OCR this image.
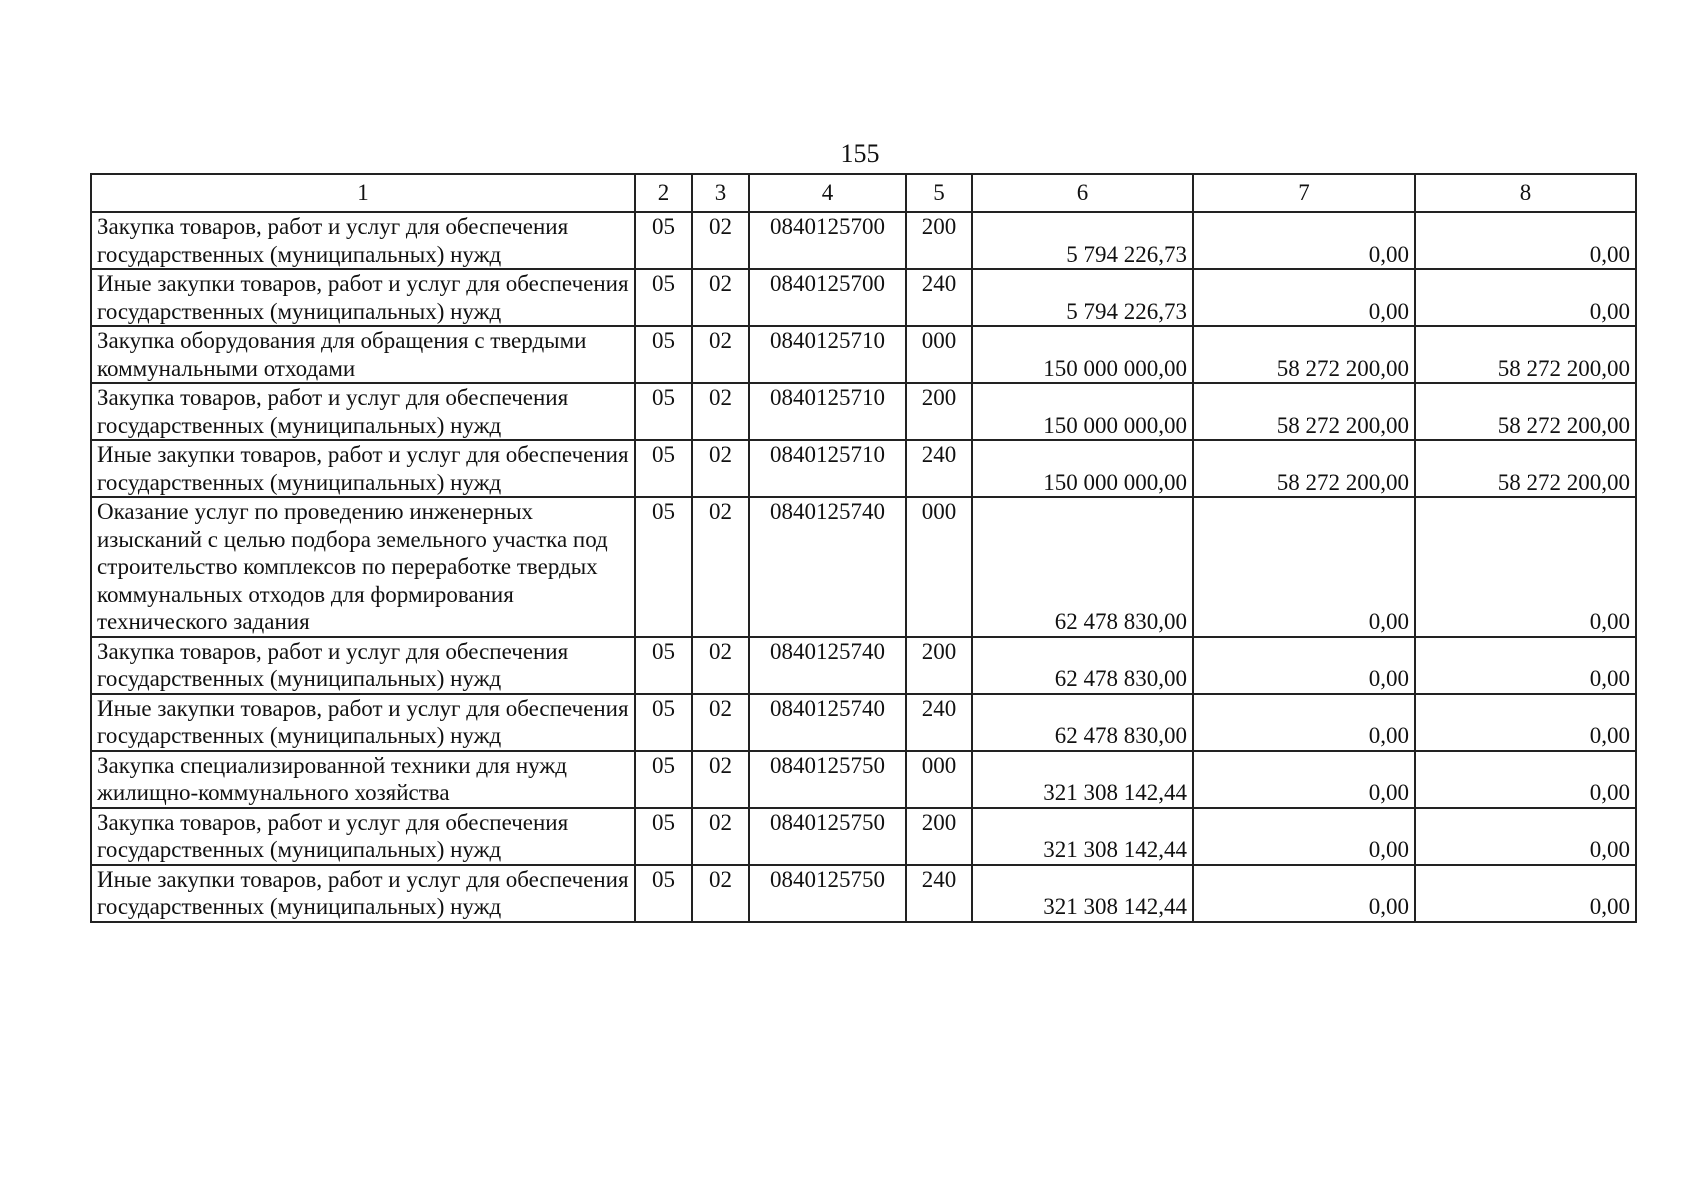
155
1	2	3	4	5	6	7	8
Закупка товаров, работ и услуг для обеспечения государственных (муниципальных) нужд	05	02	0840125700	200	5 794 226,73	0,00	0,00
Иные закупки товаров, работ и услуг для обеспечения государственных (муниципальных) нужд	05	02	0840125700	240	5 794 226,73	0,00	0,00
Закупка оборудования для обращения с твердыми коммунальными отходами	05	02	0840125710	000	150 000 000,00	58 272 200,00	58 272 200,00
Закупка товаров, работ и услуг для обеспечения государственных (муниципальных) нужд	05	02	0840125710	200	150 000 000,00	58 272 200,00	58 272 200,00
Иные закупки товаров, работ и услуг для обеспечения государственных (муниципальных) нужд	05	02	0840125710	240	150 000 000,00	58 272 200,00	58 272 200,00
Оказание услуг по проведению инженерных изысканий с целью подбора земельного участка под строительство комплексов по переработке твердых коммунальных отходов для формирования технического задания	05	02	0840125740	000	62 478 830,00	0,00	0,00
Закупка товаров, работ и услуг для обеспечения государственных (муниципальных) нужд	05	02	0840125740	200	62 478 830,00	0,00	0,00
Иные закупки товаров, работ и услуг для обеспечения государственных (муниципальных) нужд	05	02	0840125740	240	62 478 830,00	0,00	0,00
Закупка специализированной техники для нужд жилищно-коммунального хозяйства	05	02	0840125750	000	321 308 142,44	0,00	0,00
Закупка товаров, работ и услуг для обеспечения государственных (муниципальных) нужд	05	02	0840125750	200	321 308 142,44	0,00	0,00
Иные закупки товаров, работ и услуг для обеспечения государственных (муниципальных) нужд	05	02	0840125750	240	321 308 142,44	0,00	0,00
